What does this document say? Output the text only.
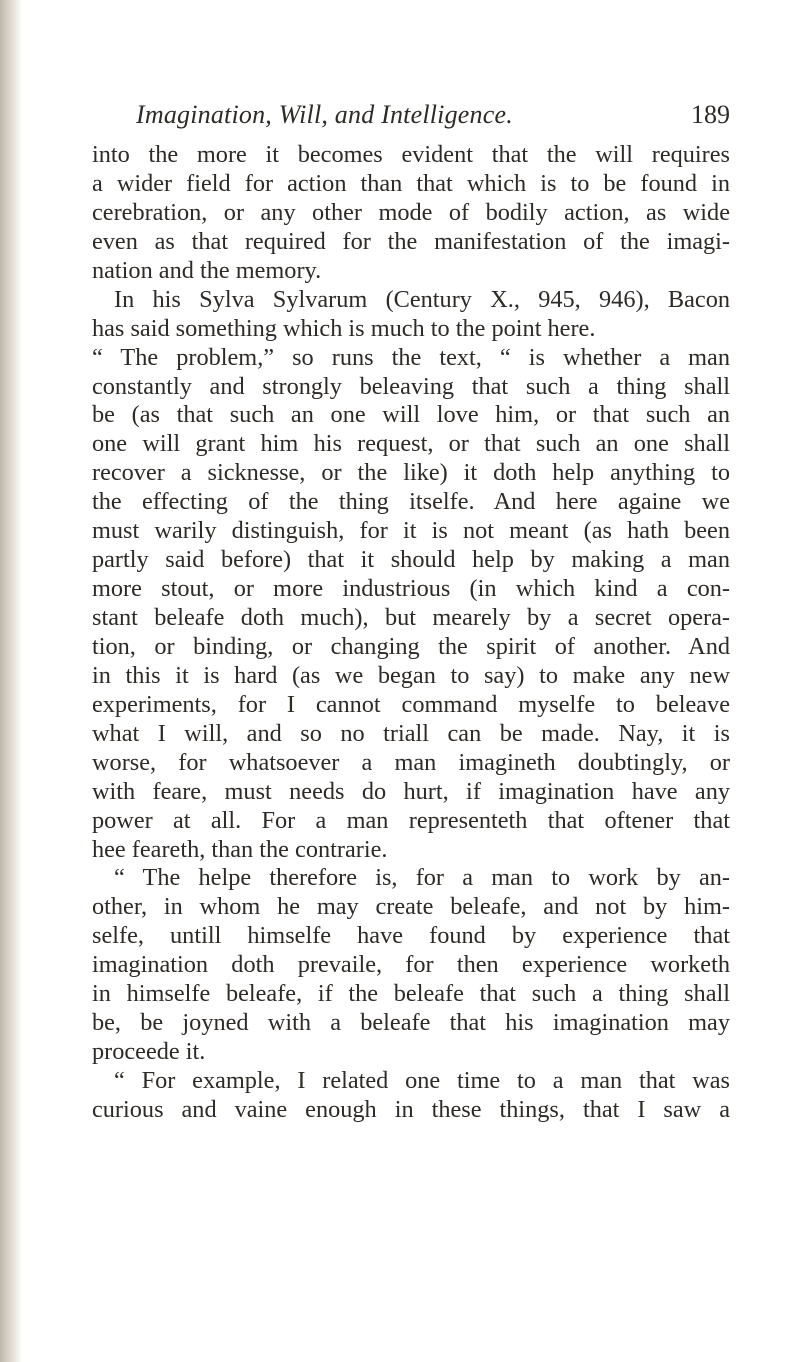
Imagination, Will, and Intelligence.	189
into the more it becomes evident that the will requires
a wider field for action than that which is to be found in
cerebration, or any other mode of bodily action, as wide
even as that required for the manifestation of the imagi-
nation and the memory.
In his Sylva Sylvarum (Century X., 945, 946), Bacon
has said something which is much to the point here.
“ The problem,” so runs the text, “ is whether a man
constantly and strongly beleaving that such a thing shall
be (as that such an one will love him, or that such an
one will grant him his request, or that such an one shall
recover a sicknesse, or the like) it doth help anything to
the effecting of the thing itselfe. And here againe we
must warily distinguish, for it is not meant (as hath been
partly said before) that it should help by making a man
more stout, or more industrious (in which kind a con-
stant beleafe doth much), but mearely by a secret opera-
tion, or binding, or changing the spirit of another. And
in this it is hard (as we began to say) to make any new
experiments, for I cannot command myselfe to beleave
what I will, and so no triall can be made. Nay, it is
worse, for whatsoever a man imagineth doubtingly, or
with feare, must needs do hurt, if imagination have any
power at all. For a man representeth that oftener that
hee feareth, than the contrarie.
“ The helpe therefore is, for a man to work by an-
other, in whom he may create beleafe, and not by him-
selfe, untill himselfe have found by experience that
imagination doth prevaile, for then experience worketh
in himselfe beleafe, if the beleafe that such a thing shall
be, be joyned with a beleafe that his imagination may
proceede it.
“ For example, I related one time to a man that was
curious and vaine enough in these things, that I saw a
